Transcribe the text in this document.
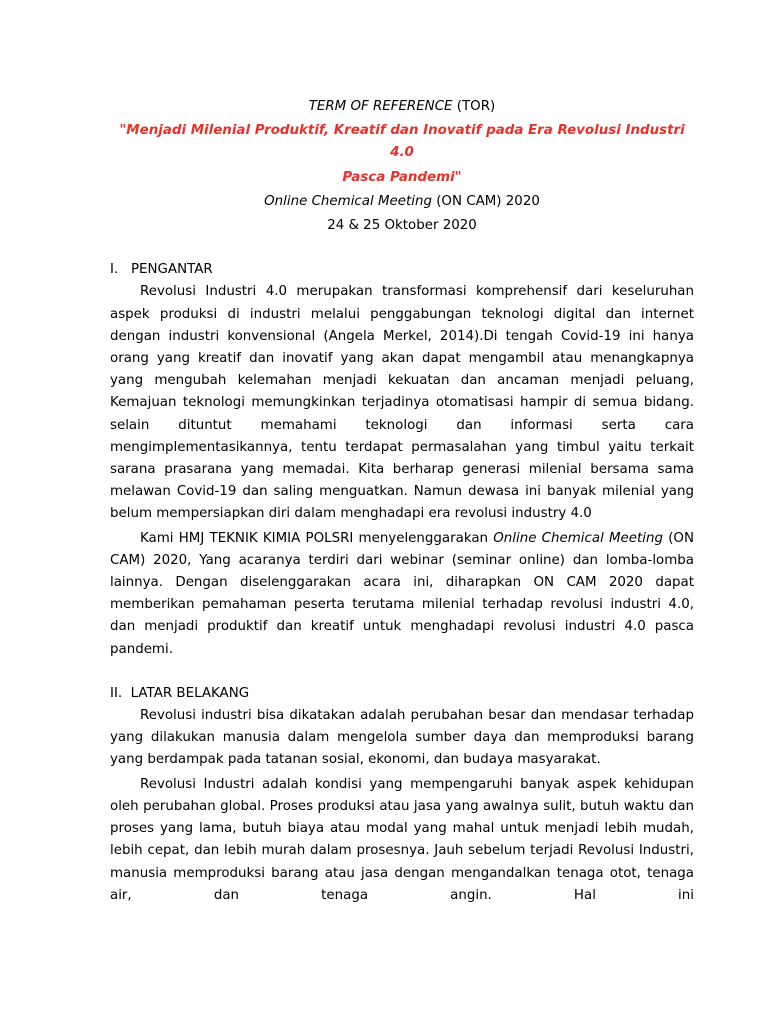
TERM OF REFERENCE (TOR)

"Menjadi Milenial Produktif, Kreatif dan Inovatif pada Era Revolusi Industri 4.0

Pasca Pandemi"

Online Chemical Meeting (ON CAM) 2020

24 & 25 Oktober 2020

I.   PENGANTAR

Revolusi Industri 4.0 merupakan transformasi komprehensif dari keseluruhan aspek produksi di industri melalui penggabungan teknologi digital dan internet dengan industri konvensional (Angela Merkel, 2014).Di tengah Covid-19 ini hanya orang yang kreatif dan inovatif yang akan dapat mengambil atau menangkapnya yang mengubah kelemahan menjadi kekuatan dan ancaman menjadi peluang, Kemajuan teknologi memungkinkan terjadinya otomatisasi hampir di semua bidang. selain dituntut memahami teknologi dan informasi serta cara mengimplementasikannya, tentu terdapat permasalahan yang timbul yaitu terkait sarana prasarana yang memadai. Kita berharap generasi milenial bersama sama melawan Covid-19 dan saling menguatkan. Namun dewasa ini banyak milenial yang belum mempersiapkan diri dalam menghadapi era revolusi industry 4.0

Kami HMJ TEKNIK KIMIA POLSRI menyelenggarakan Online Chemical Meeting (ON CAM) 2020, Yang acaranya terdiri dari webinar (seminar online) dan lomba-lomba lainnya. Dengan diselenggarakan acara ini, diharapkan ON CAM 2020 dapat memberikan pemahaman peserta terutama milenial terhadap revolusi industri 4.0, dan menjadi produktif dan kreatif untuk menghadapi revolusi industri 4.0 pasca pandemi.

II.  LATAR BELAKANG

Revolusi industri bisa dikatakan adalah perubahan besar dan mendasar terhadap yang dilakukan manusia dalam mengelola sumber daya dan memproduksi barang yang berdampak pada tatanan sosial, ekonomi, dan budaya masyarakat.

Revolusi Industri adalah kondisi yang mempengaruhi banyak aspek kehidupan oleh perubahan global. Proses produksi atau jasa yang awalnya sulit, butuh waktu dan proses yang lama, butuh biaya atau modal yang mahal untuk menjadi lebih mudah, lebih cepat, dan lebih murah dalam prosesnya. Jauh sebelum terjadi Revolusi Industri, manusia memproduksi barang atau jasa dengan mengandalkan tenaga otot, tenaga air, dan tenaga angin. Hal ini
